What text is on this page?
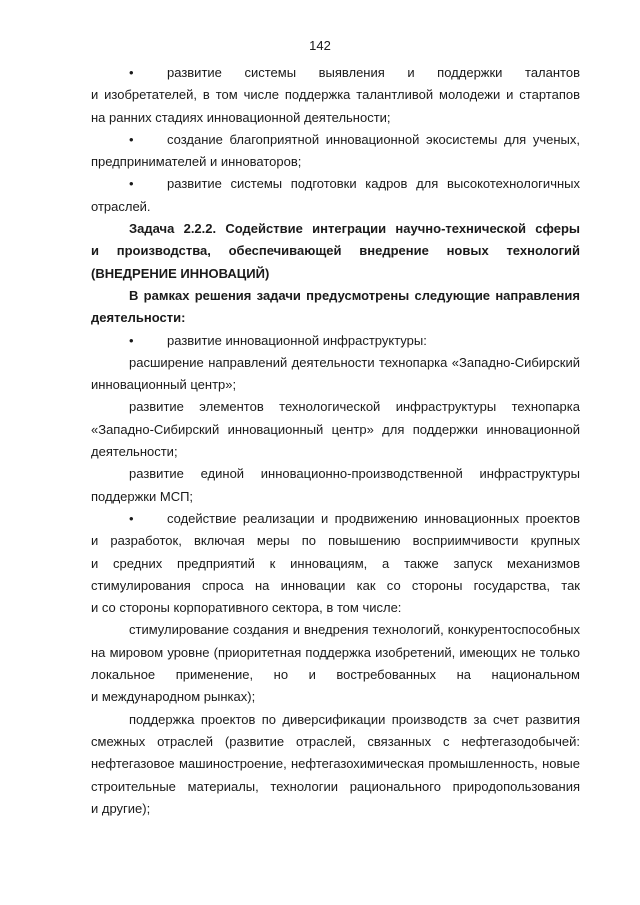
142
•	развитие системы выявления и поддержки талантов
и изобретателей, в том числе поддержка талантливой молодежи и стартапов
на ранних стадиях инновационной деятельности;
•	создание благоприятной инновационной экосистемы для ученых,
предпринимателей и инноваторов;
•	развитие системы подготовки кадров для высокотехнологичных
отраслей.
Задача 2.2.2. Содействие интеграции научно-технической сферы
и производства, обеспечивающей внедрение новых технологий
(ВНЕДРЕНИЕ ИННОВАЦИЙ)
В рамках решения задачи предусмотрены следующие направления
деятельности:
•	развитие инновационной инфраструктуры:
расширение направлений деятельности технопарка «Западно-Сибирский
инновационный центр»;
развитие элементов технологической инфраструктуры технопарка
«Западно-Сибирский инновационный центр» для поддержки инновационной
деятельности;
развитие единой инновационно-производственной инфраструктуры
поддержки МСП;
•	содействие реализации и продвижению инновационных проектов
и разработок, включая меры по повышению восприимчивости крупных
и средних предприятий к инновациям, а также запуск механизмов
стимулирования спроса на инновации как со стороны государства, так
и со стороны корпоративного сектора, в том числе:
стимулирование создания и внедрения технологий, конкурентоспособных
на мировом уровне (приоритетная поддержка изобретений, имеющих не только
локальное применение, но и востребованных на национальном
и международном рынках);
поддержка проектов по диверсификации производств за счет развития
смежных отраслей (развитие отраслей, связанных с нефтегазодобычей:
нефтегазовое машиностроение, нефтегазохимическая промышленность, новые
строительные материалы, технологии рационального природопользования
и другие);
